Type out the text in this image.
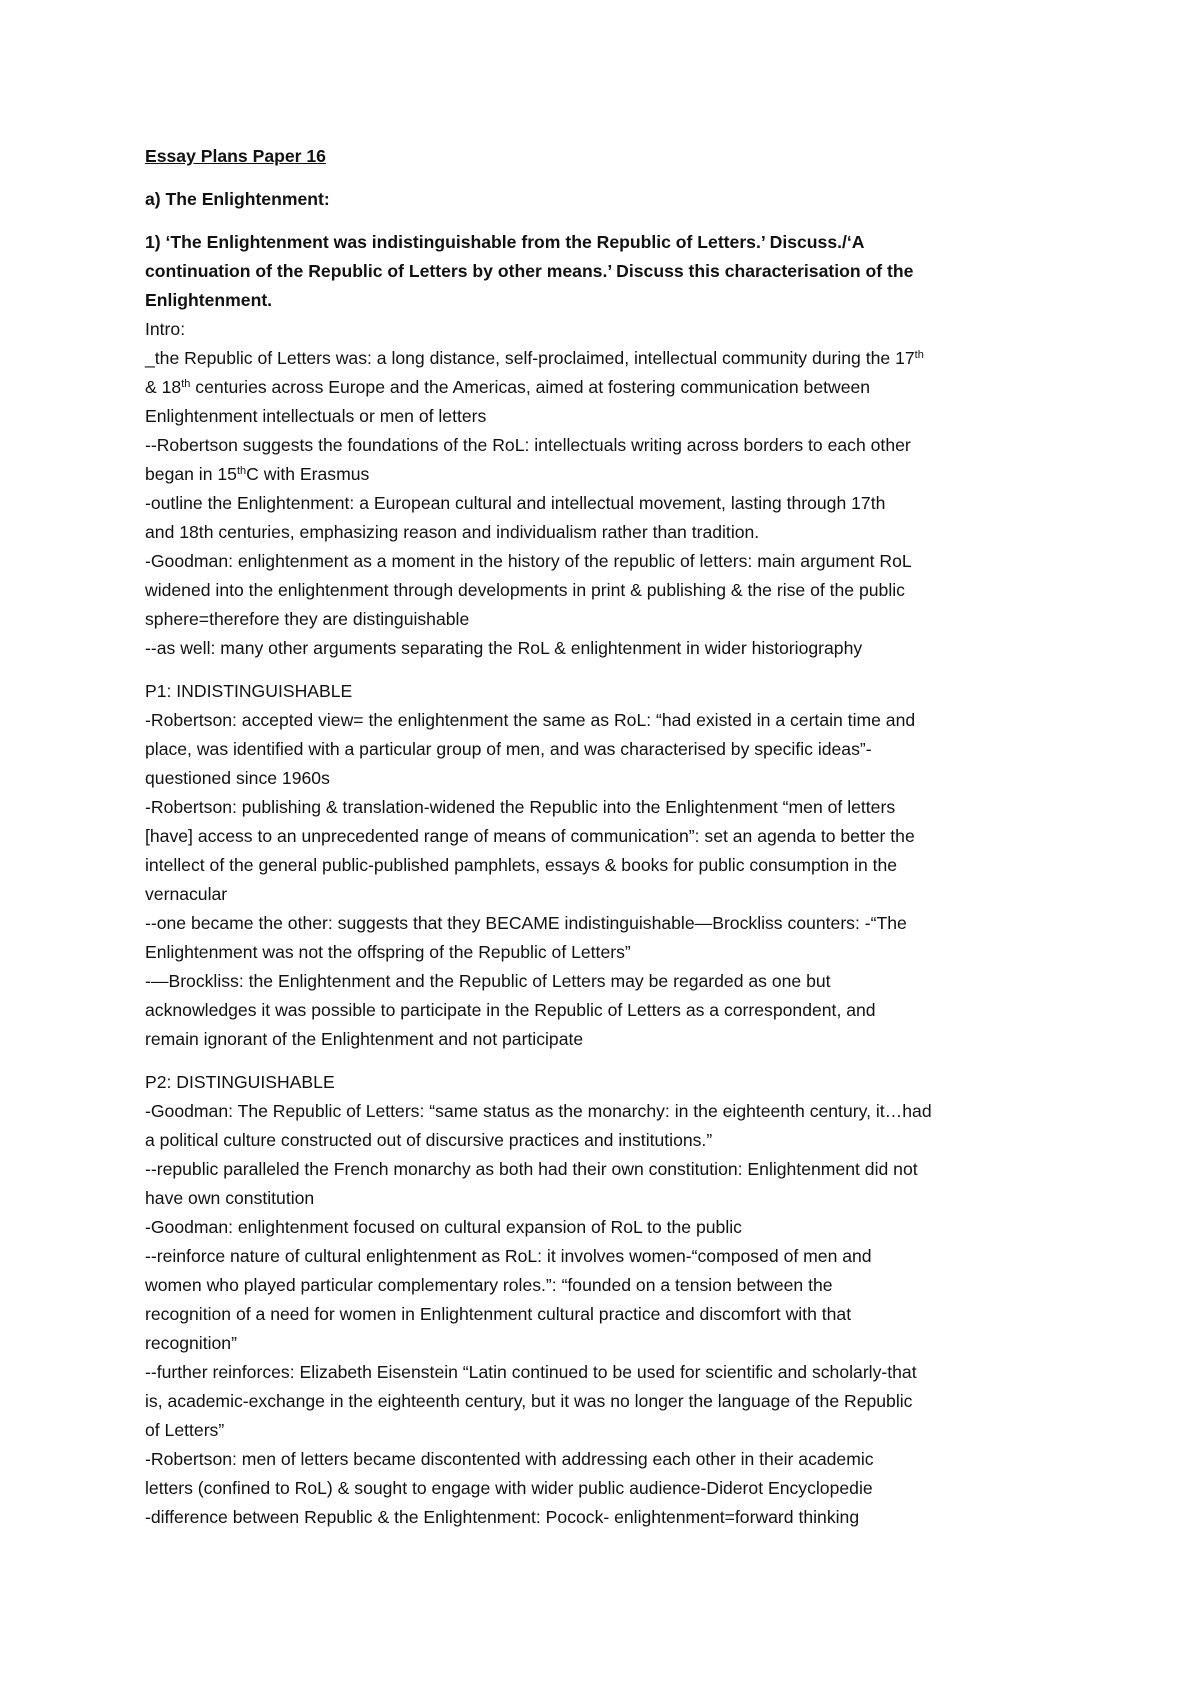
Essay Plans Paper 16
a) The Enlightenment:
1) ‘The Enlightenment was indistinguishable from the Republic of Letters.’ Discuss./‘A
continuation of the Republic of Letters by other means.’ Discuss this characterisation of the
Enlightenment.
Intro:
_the Republic of Letters was: a long distance, self-proclaimed, intellectual community during the 17th
& 18th centuries across Europe and the Americas, aimed at fostering communication between
Enlightenment intellectuals or men of letters
--Robertson suggests the foundations of the RoL: intellectuals writing across borders to each other
began in 15thC with Erasmus
-outline the Enlightenment: a European cultural and intellectual movement, lasting through 17th
and 18th centuries, emphasizing reason and individualism rather than tradition.
-Goodman: enlightenment as a moment in the history of the republic of letters: main argument RoL
widened into the enlightenment through developments in print & publishing & the rise of the public
sphere=therefore they are distinguishable
--as well: many other arguments separating the RoL & enlightenment in wider historiography
P1: INDISTINGUISHABLE
-Robertson: accepted view= the enlightenment the same as RoL: “had existed in a certain time and
place, was identified with a particular group of men, and was characterised by specific ideas”-
questioned since 1960s
-Robertson: publishing & translation-widened the Republic into the Enlightenment “men of letters
[have] access to an unprecedented range of means of communication”: set an agenda to better the
intellect of the general public-published pamphlets, essays & books for public consumption in the
vernacular
--one became the other: suggests that they BECAME indistinguishable—Brockliss counters: -“The
Enlightenment was not the offspring of the Republic of Letters”
-—Brockliss: the Enlightenment and the Republic of Letters may be regarded as one but
acknowledges it was possible to participate in the Republic of Letters as a correspondent, and
remain ignorant of the Enlightenment and not participate
P2: DISTINGUISHABLE
-Goodman: The Republic of Letters: “same status as the monarchy: in the eighteenth century, it…had
a political culture constructed out of discursive practices and institutions.”
--republic paralleled the French monarchy as both had their own constitution: Enlightenment did not
have own constitution
-Goodman: enlightenment focused on cultural expansion of RoL to the public
--reinforce nature of cultural enlightenment as RoL: it involves women-“composed of men and
women who played particular complementary roles.”: “founded on a tension between the
recognition of a need for women in Enlightenment cultural practice and discomfort with that
recognition”
--further reinforces: Elizabeth Eisenstein “Latin continued to be used for scientific and scholarly-that
is, academic-exchange in the eighteenth century, but it was no longer the language of the Republic
of Letters”
-Robertson: men of letters became discontented with addressing each other in their academic
letters (confined to RoL) & sought to engage with wider public audience-Diderot Encyclopedie
-difference between Republic & the Enlightenment: Pocock- enlightenment=forward thinking
